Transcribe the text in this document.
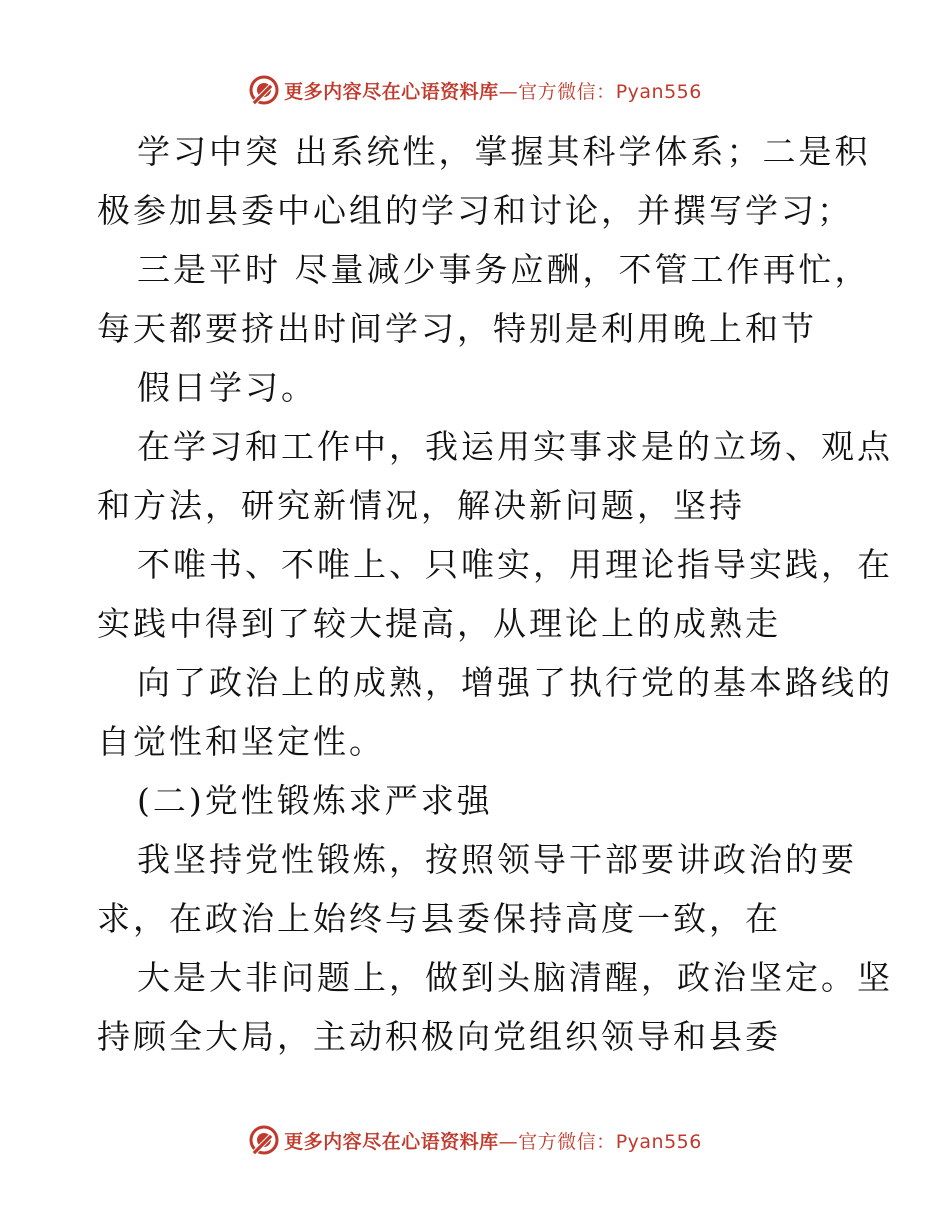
更多内容尽在心语资料库—官方微信：Pyan556
学习中突 出系统性，掌握其科学体系；二是积
极参加县委中心组的学习和讨论，并撰写学习；
三是平时 尽量减少事务应酬，不管工作再忙，
每天都要挤出时间学习，特别是利用晚上和节
假日学习。
在学习和工作中，我运用实事求是的立场、观点
和方法，研究新情况，解决新问题，坚持
不唯书、不唯上、只唯实，用理论指导实践，在
实践中得到了较大提高，从理论上的成熟走
向了政治上的成熟，增强了执行党的基本路线的
自觉性和坚定性。
(二)党性锻炼求严求强
我坚持党性锻炼，按照领导干部要讲政治的要
求，在政治上始终与县委保持高度一致，在
大是大非问题上，做到头脑清醒，政治坚定。坚
持顾全大局，主动积极向党组织领导和县委
更多内容尽在心语资料库—官方微信：Pyan556
